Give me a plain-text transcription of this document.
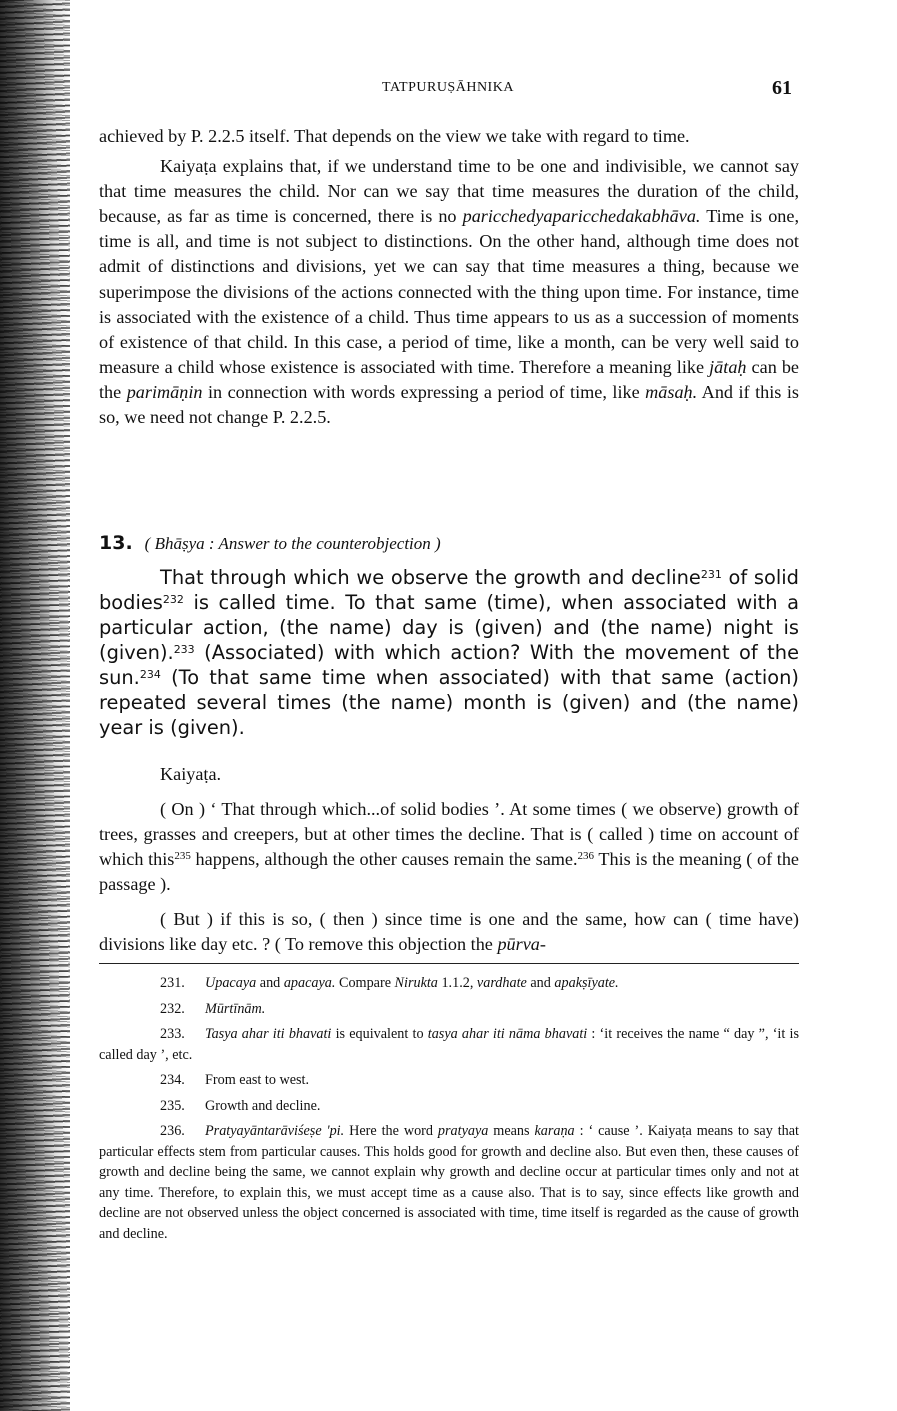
TATPURUṢĀHNIKA	61

achieved by P. 2.2.5 itself. That depends on the view we take with regard to time.

Kaiyaṭa explains that, if we understand time to be one and indivisible, we cannot say that time measures the child. Nor can we say that time measures the duration of the child, because, as far as time is concerned, there is no paricchedyaparicchedakabhāva. Time is one, time is all, and time is not subject to distinctions. On the other hand, although time does not admit of distinctions and divisions, yet we can say that time measures a thing, because we superimpose the divisions of the actions connected with the thing upon time. For instance, time is associated with the existence of a child. Thus time appears to us as a succession of moments of existence of that child. In this case, a period of time, like a month, can be very well said to measure a child whose existence is associated with time. Therefore a meaning like jātaḥ can be the parimāṇin in connection with words expressing a period of time, like māsaḥ. And if this is so, we need not change P. 2.2.5.

13. ( Bhāṣya : Answer to the counterobjection )

That through which we observe the growth and decline$^{231}$ of solid bodies$^{232}$ is called time. To that same (time), when associated with a particular action, (the name) day is (given) and (the name) night is (given).$^{233}$ (Associated) with which action? With the movement of the sun.$^{234}$ (To that same time when associated) with that same (action) repeated several times (the name) month is (given) and (the name) year is (given).

Kaiyaṭa.

( On ) ‘ That through which...of solid bodies ’. At some times ( we observe) growth of trees, grasses and creepers, but at other times the decline. That is ( called ) time on account of which this$^{235}$ happens, although the other causes remain the same.$^{236}$ This is the meaning ( of the passage ).

( But ) if this is so, ( then ) since time is one and the same, how can ( time have) divisions like day etc. ? ( To remove this objection the pūrva-

231. Upacaya and apacaya. Compare Nirukta 1.1.2, vardhate and apakṣīyate.

232. Mūrtīnām.

233. Tasya ahar iti bhavati is equivalent to tasya ahar iti nāma bhavati : ‘it receives the name “ day ”, ‘it is called day ’, etc.

234. From east to west.

235. Growth and decline.

236. Pratyayāntarāviśeṣe 'pi. Here the word pratyaya means karaṇa : ‘ cause ’. Kaiyaṭa means to say that particular effects stem from particular causes. This holds good for growth and decline also. But even then, these causes of growth and decline being the same, we cannot explain why growth and decline occur at particular times only and not at any time. Therefore, to explain this, we must accept time as a cause also. That is to say, since effects like growth and decline are not observed unless the object concerned is associated with time, time itself is regarded as the cause of growth and decline.
